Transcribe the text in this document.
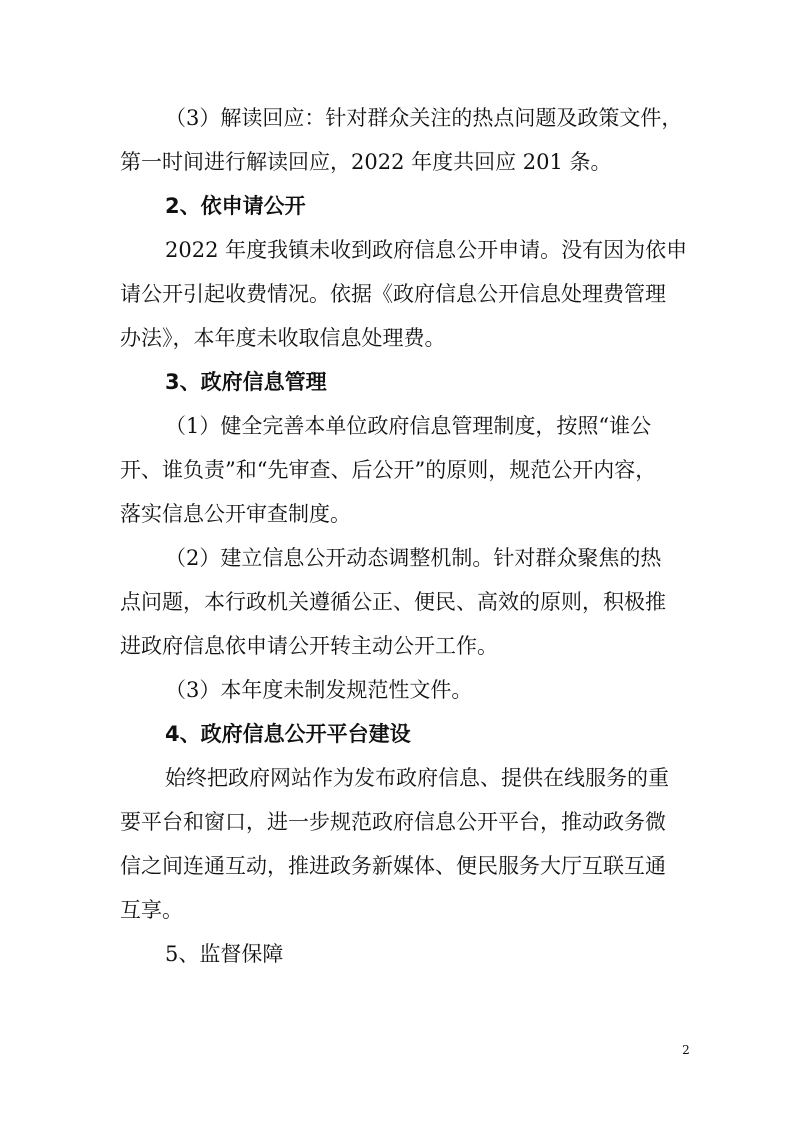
（3）解读回应：针对群众关注的热点问题及政策文件，
第一时间进行解读回应，2022 年度共回应 201 条。
2、依申请公开
2022 年度我镇未收到政府信息公开申请。没有因为依申
请公开引起收费情况。依据《政府信息公开信息处理费管理
办法》，本年度未收取信息处理费。
3、政府信息管理
（1）健全完善本单位政府信息管理制度，按照“谁公
开、谁负责”和“先审查、后公开”的原则，规范公开内容，
落实信息公开审查制度。
（2）建立信息公开动态调整机制。针对群众聚焦的热
点问题，本行政机关遵循公正、便民、高效的原则，积极推
进政府信息依申请公开转主动公开工作。
（3）本年度未制发规范性文件。
4、政府信息公开平台建设
始终把政府网站作为发布政府信息、提供在线服务的重
要平台和窗口，进一步规范政府信息公开平台，推动政务微
信之间连通互动，推进政务新媒体、便民服务大厅互联互通
互享。
5、监督保障
2
